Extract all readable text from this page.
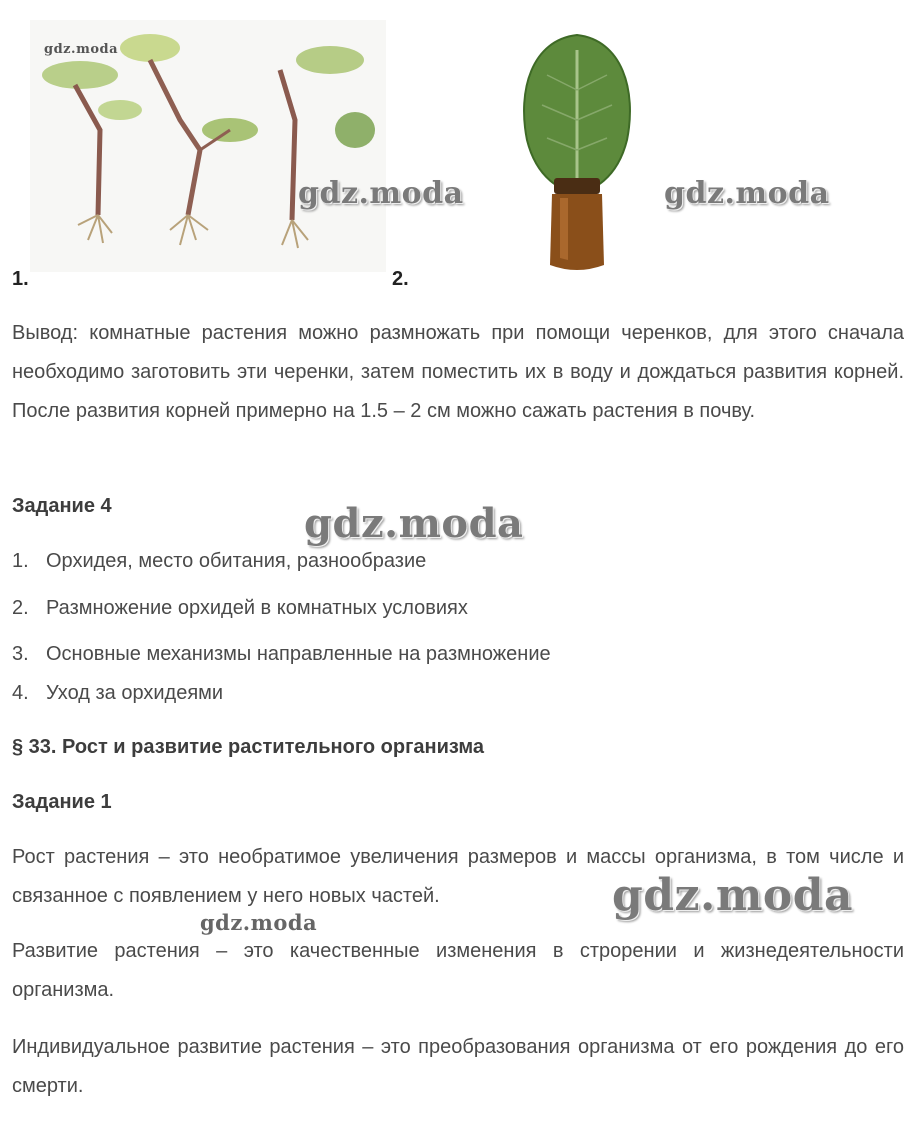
gdz.moda
gdz.moda
1.
gdz.moda
2.
Вывод: комнатные растения можно размножать при помощи черенков, для этого сначала необходимо заготовить эти черенки, затем поместить их в воду и дождаться развития корней. После развития корней примерно на 1.5 – 2 см можно сажать растения в почву.
Задание 4	gdz.moda
1. Орхидея, место обитания, разнообразие
2. Размножение орхидей в комнатных условиях
3. Основные механизмы направленные на размножение
4. Уход за орхидеями
§ 33. Рост и развитие растительного организма
Задание 1
Рост растения – это необратимое увеличения размеров и массы организма, в том числе и связанное с появлением у него новых частей.	gdz.moda
gdz.moda
Развитие растения – это качественные изменения в строрении и жизнедеятельности организма.
Индивидуальное развитие растения – это преобразования организма от его рождения до его смерти.
